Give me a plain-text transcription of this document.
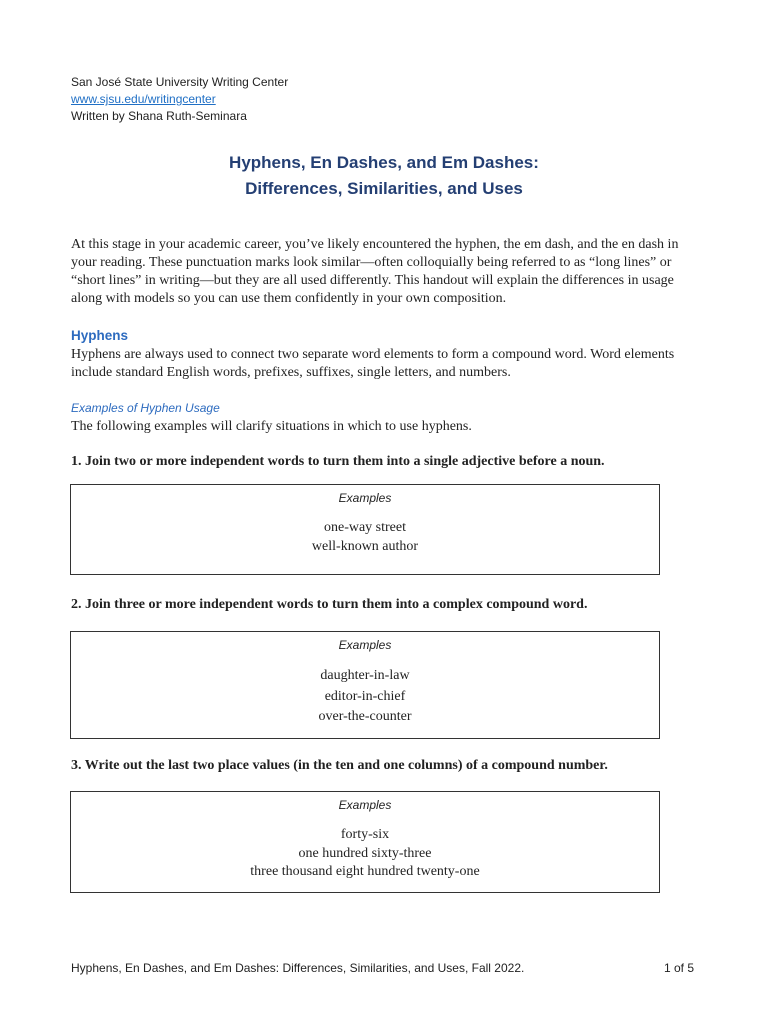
San José State University Writing Center
www.sjsu.edu/writingcenter
Written by Shana Ruth-Seminara
Hyphens, En Dashes, and Em Dashes:
Differences, Similarities, and Uses
At this stage in your academic career, you’ve likely encountered the hyphen, the em dash, and the en dash in your reading. These punctuation marks look similar—often colloquially being referred to as “long lines” or “short lines” in writing—but they are all used differently. This handout will explain the differences in usage along with models so you can use them confidently in your own composition.
Hyphens
Hyphens are always used to connect two separate word elements to form a compound word. Word elements include standard English words, prefixes, suffixes, single letters, and numbers.
Examples of Hyphen Usage
The following examples will clarify situations in which to use hyphens.
1. Join two or more independent words to turn them into a single adjective before a noun.
Examples
one-way street
well-known author
2. Join three or more independent words to turn them into a complex compound word.
Examples
daughter-in-law
editor-in-chief
over-the-counter
3. Write out the last two place values (in the ten and one columns) of a compound number.
Examples
forty-six
one hundred sixty-three
three thousand eight hundred twenty-one
Hyphens, En Dashes, and Em Dashes: Differences, Similarities, and Uses, Fall 2022.	1 of 5
